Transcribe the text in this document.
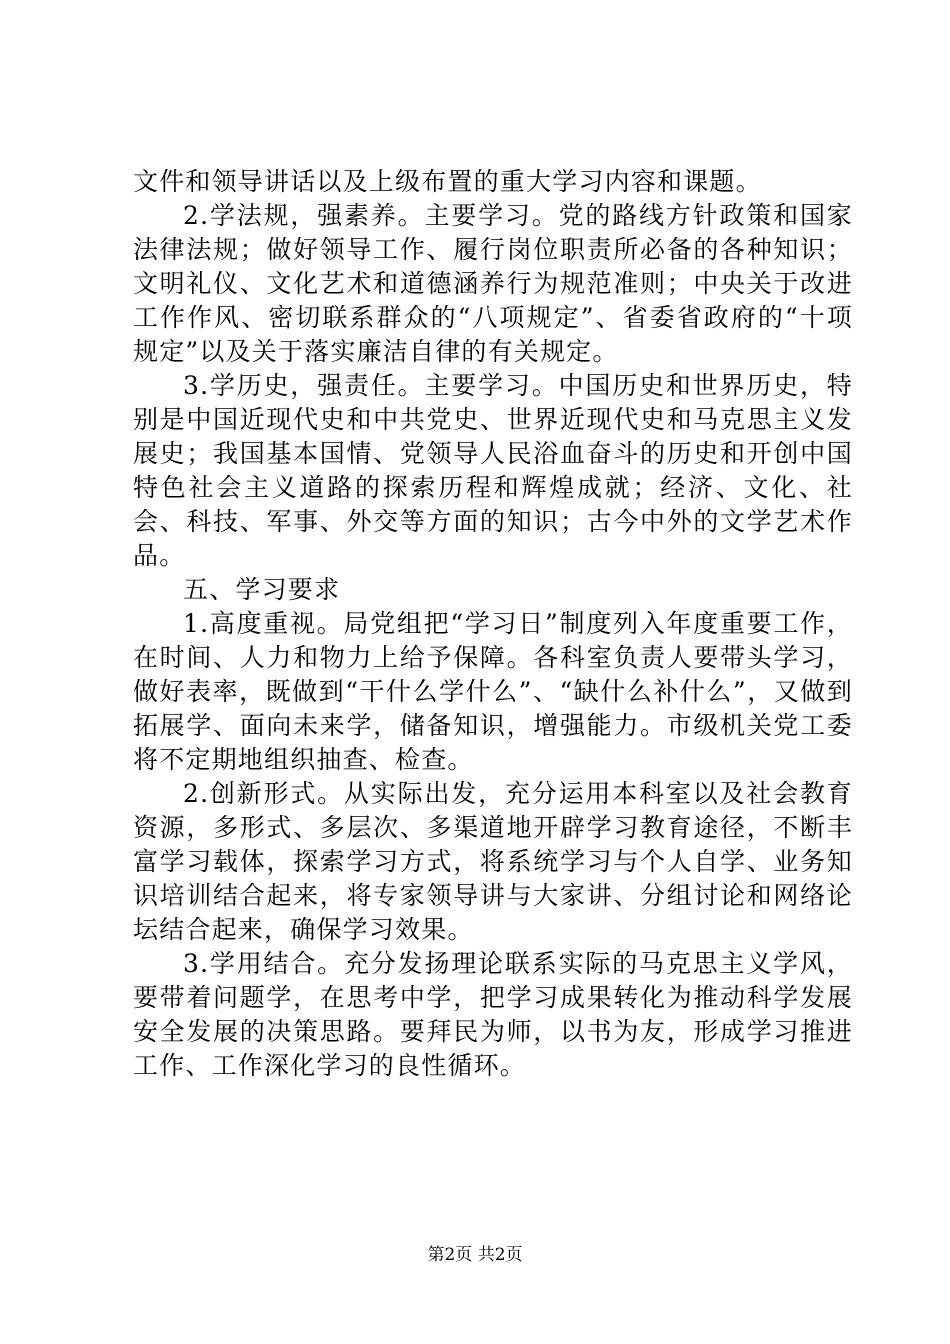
文件和领导讲话以及上级布置的重大学习内容和课题。

2.学法规，强素养。主要学习。党的路线方针政策和国家法律法规；做好领导工作、履行岗位职责所必备的各种知识；文明礼仪、文化艺术和道德涵养行为规范准则；中央关于改进工作作风、密切联系群众的“八项规定”、省委省政府的“十项规定”以及关于落实廉洁自律的有关规定。

3.学历史，强责任。主要学习。中国历史和世界历史，特别是中国近现代史和中共党史、世界近现代史和马克思主义发展史；我国基本国情、党领导人民浴血奋斗的历史和开创中国特色社会主义道路的探索历程和辉煌成就；经济、文化、社会、科技、军事、外交等方面的知识；古今中外的文学艺术作品。

五、学习要求

1.高度重视。局党组把“学习日”制度列入年度重要工作，在时间、人力和物力上给予保障。各科室负责人要带头学习，做好表率，既做到“干什么学什么”、“缺什么补什么”，又做到拓展学、面向未来学，储备知识，增强能力。市级机关党工委将不定期地组织抽查、检查。

2.创新形式。从实际出发，充分运用本科室以及社会教育资源，多形式、多层次、多渠道地开辟学习教育途径，不断丰富学习载体，探索学习方式，将系统学习与个人自学、业务知识培训结合起来，将专家领导讲与大家讲、分组讨论和网络论坛结合起来，确保学习效果。

3.学用结合。充分发扬理论联系实际的马克思主义学风，要带着问题学，在思考中学，把学习成果转化为推动科学发展安全发展的决策思路。要拜民为师，以书为友，形成学习推进工作、工作深化学习的良性循环。

第2页 共2页
